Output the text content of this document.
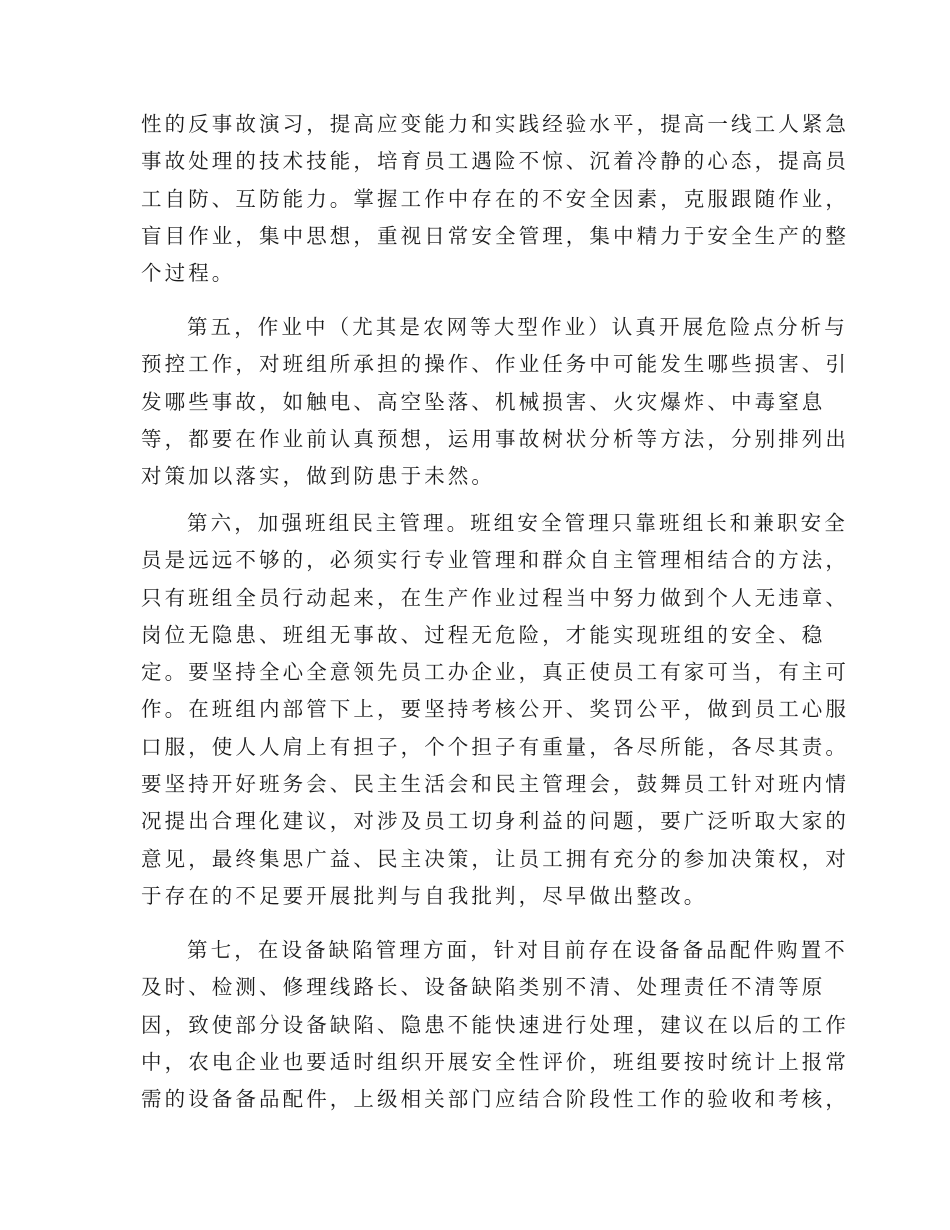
性的反事故演习，提高应变能力和实践经验水平，提高一线工人紧急
事故处理的技术技能，培育员工遇险不惊、沉着冷静的心态，提高员
工自防、互防能力。掌握工作中存在的不安全因素，克服跟随作业，
盲目作业，集中思想，重视日常安全管理，集中精力于安全生产的整
个过程。
第五，作业中（尤其是农网等大型作业）认真开展危险点分析与
预控工作，对班组所承担的操作、作业任务中可能发生哪些损害、引
发哪些事故，如触电、高空坠落、机械损害、火灾爆炸、中毒窒息
等，都要在作业前认真预想，运用事故树状分析等方法，分别排列出
对策加以落实，做到防患于未然。
第六，加强班组民主管理。班组安全管理只靠班组长和兼职安全
员是远远不够的，必须实行专业管理和群众自主管理相结合的方法，
只有班组全员行动起来，在生产作业过程当中努力做到个人无违章、
岗位无隐患、班组无事故、过程无危险，才能实现班组的安全、稳
定。要坚持全心全意领先员工办企业，真正使员工有家可当，有主可
作。在班组内部管下上，要坚持考核公开、奖罚公平，做到员工心服
口服，使人人肩上有担子，个个担子有重量，各尽所能，各尽其责。
要坚持开好班务会、民主生活会和民主管理会，鼓舞员工针对班内情
况提出合理化建议，对涉及员工切身利益的问题，要广泛听取大家的
意见，最终集思广益、民主决策，让员工拥有充分的参加决策权，对
于存在的不足要开展批判与自我批判，尽早做出整改。
第七，在设备缺陷管理方面，针对目前存在设备备品配件购置不
及时、检测、修理线路长、设备缺陷类别不清、处理责任不清等原
因，致使部分设备缺陷、隐患不能快速进行处理，建议在以后的工作
中，农电企业也要适时组织开展安全性评价，班组要按时统计上报常
需的设备备品配件，上级相关部门应结合阶段性工作的验收和考核，
